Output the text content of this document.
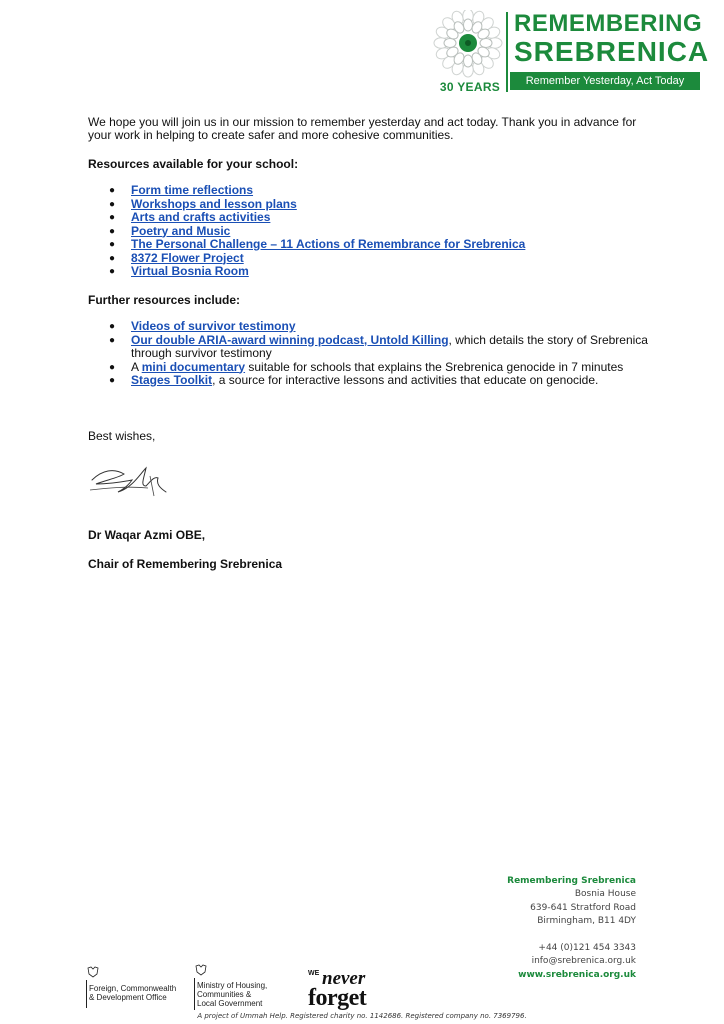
30 YEARS
REMEMBERING
SREBRENICA
Remember Yesterday, Act Today
We hope you will join us in our mission to remember yesterday and act today. Thank you in advance for your work in helping to create safer and more cohesive communities.
Resources available for your school:
● Form time reflections
● Workshops and lesson plans
● Arts and crafts activities
● Poetry and Music
● The Personal Challenge – 11 Actions of Remembrance for Srebrenica
● 8372 Flower Project
● Virtual Bosnia Room
Further resources include:
● Videos of survivor testimony
● Our double ARIA-award winning podcast, Untold Killing, which details the story of Srebrenica through survivor testimony
● A mini documentary suitable for schools that explains the Srebrenica genocide in 7 minutes
● Stages Toolkit, a source for interactive lessons and activities that educate on genocide.
Best wishes,
Dr Waqar Azmi OBE,
Chair of Remembering Srebrenica
Remembering Srebrenica
Bosnia House
639-641 Stratford Road
Birmingham, B11 4DY
+44 (0)121 454 3343
info@srebrenica.org.uk
www.srebrenica.org.uk
Foreign, Commonwealth
& Development Office
Ministry of Housing,
Communities &
Local Government
WE never
forget
A project of Ummah Help. Registered charity no. 1142686. Registered company no. 7369796.
